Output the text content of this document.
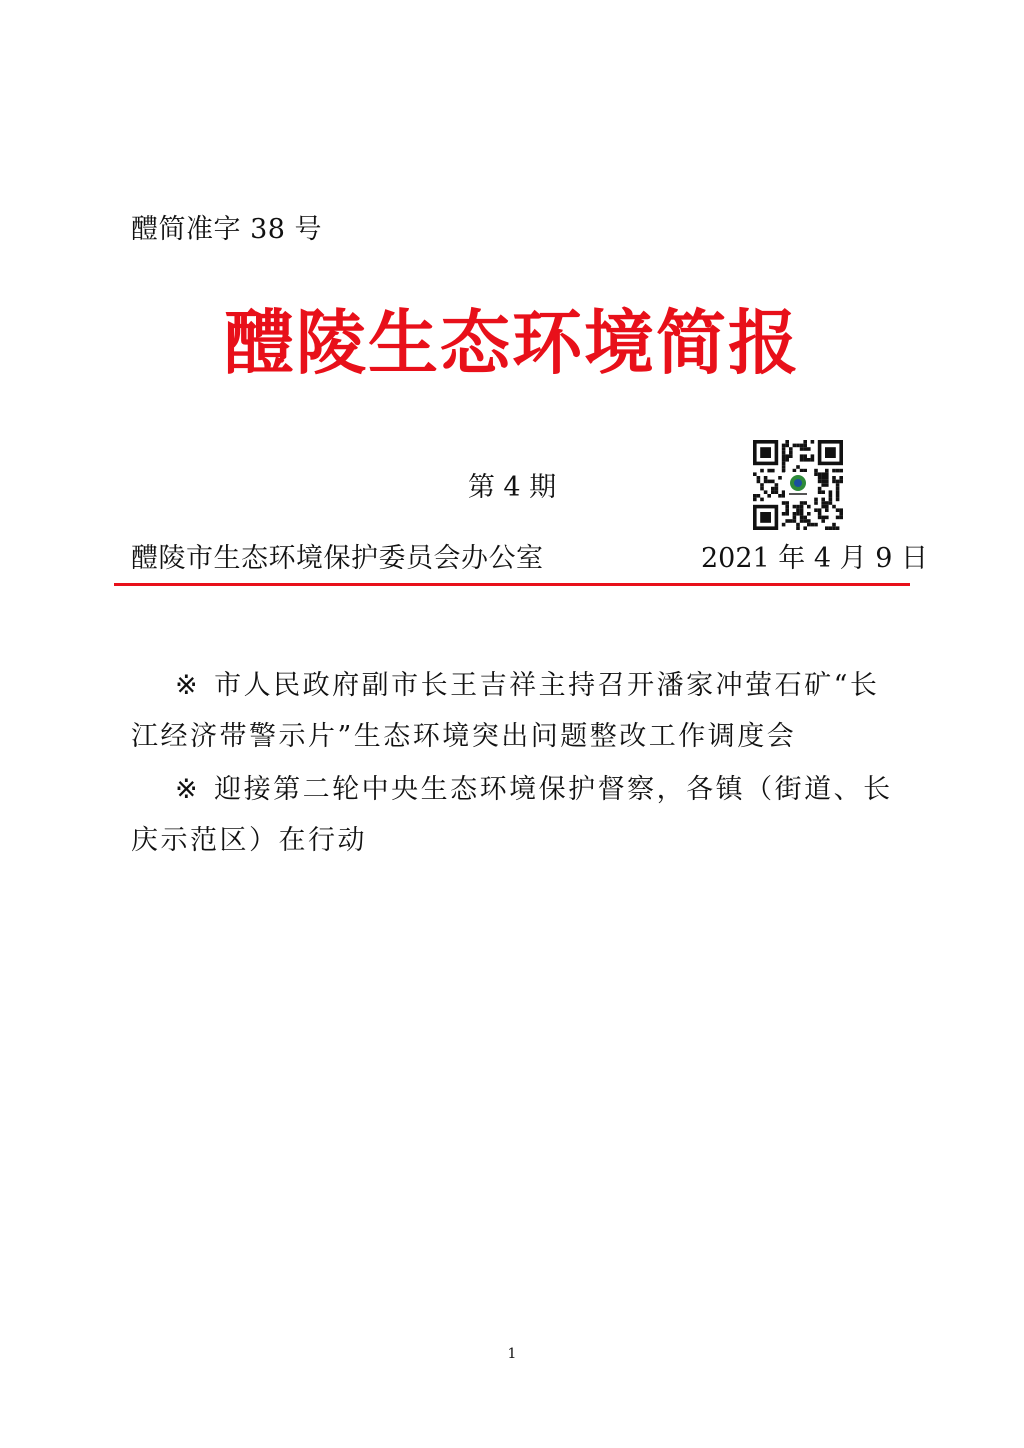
醴简准字 38 号
醴陵生态环境简报
第 4 期
醴陵市生态环境保护委员会办公室	2021 年 4 月 9 日

※ 市人民政府副市长王吉祥主持召开潘家冲萤石矿“长江经济带警示片”生态环境突出问题整改工作调度会

※ 迎接第二轮中央生态环境保护督察，各镇（街道、长庆示范区）在行动

1
